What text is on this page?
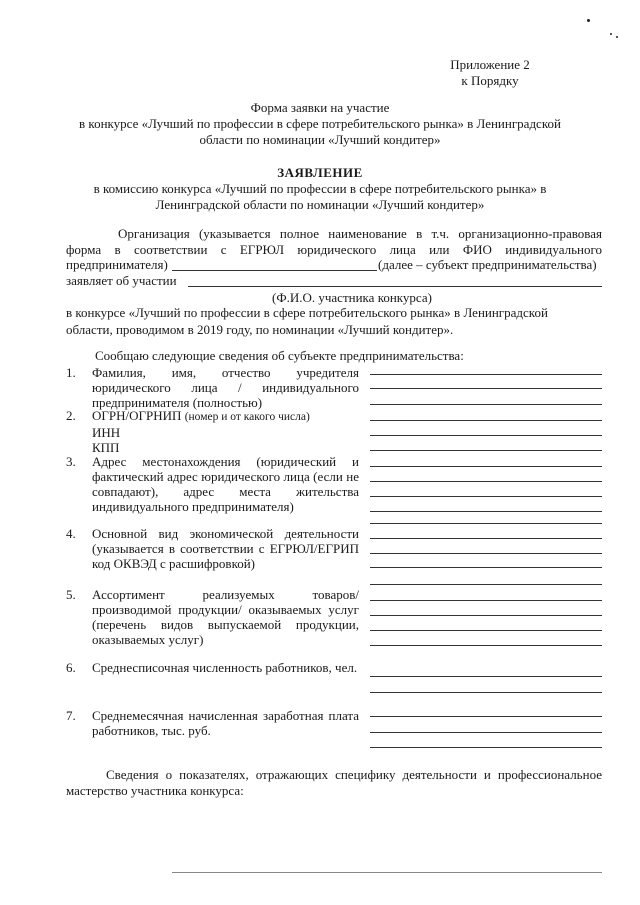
Приложение 2
к Порядку
Форма заявки на участие
в конкурсе «Лучший по профессии в сфере потребительского рынка» в Ленинградской
области по номинации «Лучший кондитер»
ЗАЯВЛЕНИЕ
в комиссию конкурса «Лучший по профессии в сфере потребительского рынка» в
Ленинградской области по номинации «Лучший кондитер»
Организация (указывается полное наименование в т.ч. организационно-правовая
форма в соответствии с ЕГРЮЛ юридического лица или ФИО индивидуального
предпринимателя)	(далее – субъект предпринимательства)
заявляет об участии
(Ф.И.О. участника конкурса)
в конкурсе «Лучший по профессии в сфере потребительского рынка» в Ленинградской
области, проводимом в 2019 году, по номинации «Лучший кондитер».
Сообщаю следующие сведения об субъекте предпринимательства:
1. Фамилия, имя, отчество учредителя
юридического лица / индивидуального
предпринимателя (полностью)
2. ОГРН/ОГРНИП (номер и от какого числа)
ИНН
КПП
3. Адрес местонахождения (юридический и
фактический адрес юридического лица (если не
совпадают), адрес места жительства
индивидуального предпринимателя)
4. Основной вид экономической деятельности
(указывается в соответствии с ЕГРЮЛ/ЕГРИП
код ОКВЭД с расшифровкой)
5. Ассортимент реализуемых товаров/
производимой продукции/ оказываемых услуг
(перечень видов выпускаемой продукции,
оказываемых услуг)
6. Среднесписочная численность работников, чел.
7. Среднемесячная начисленная заработная плата
работников, тыс. руб.
Сведения о показателях, отражающих специфику деятельности и профессиональное
мастерство участника конкурса:
